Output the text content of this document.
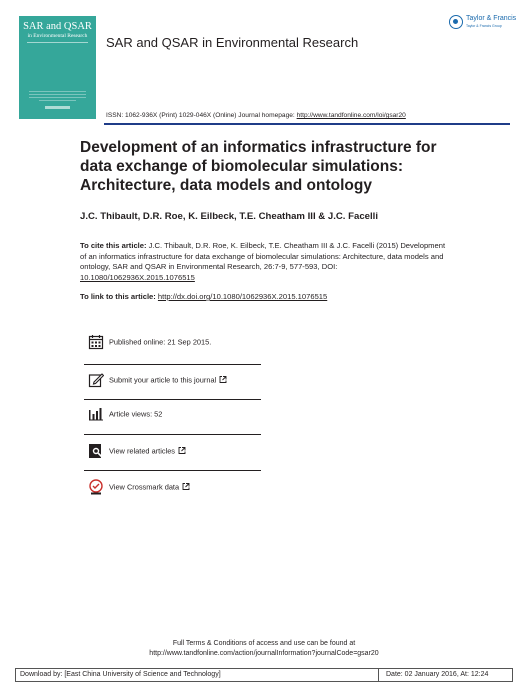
SAR and QSAR
in Environmental Research
Taylor & Francis
Taylor & Francis Group
SAR and QSAR in Environmental Research
ISSN: 1062-936X (Print) 1029-046X (Online) Journal homepage: http://www.tandfonline.com/loi/gsar20
Development of an informatics infrastructure for data exchange of biomolecular simulations: Architecture, data models and ontology
J.C. Thibault, D.R. Roe, K. Eilbeck, T.E. Cheatham III & J.C. Facelli
To cite this article: J.C. Thibault, D.R. Roe, K. Eilbeck, T.E. Cheatham III & J.C. Facelli (2015) Development of an informatics infrastructure for data exchange of biomolecular simulations: Architecture, data models and ontology, SAR and QSAR in Environmental Research, 26:7-9, 577-593, DOI: 10.1080/1062936X.2015.1076515
To link to this article: http://dx.doi.org/10.1080/1062936X.2015.1076515
Published online: 21 Sep 2015.
Submit your article to this journal
Article views: 52
View related articles
View Crossmark data
Full Terms & Conditions of access and use can be found at
http://www.tandfonline.com/action/journalInformation?journalCode=gsar20
Download by: [East China University of Science and Technology]	Date: 02 January 2016, At: 12:24
